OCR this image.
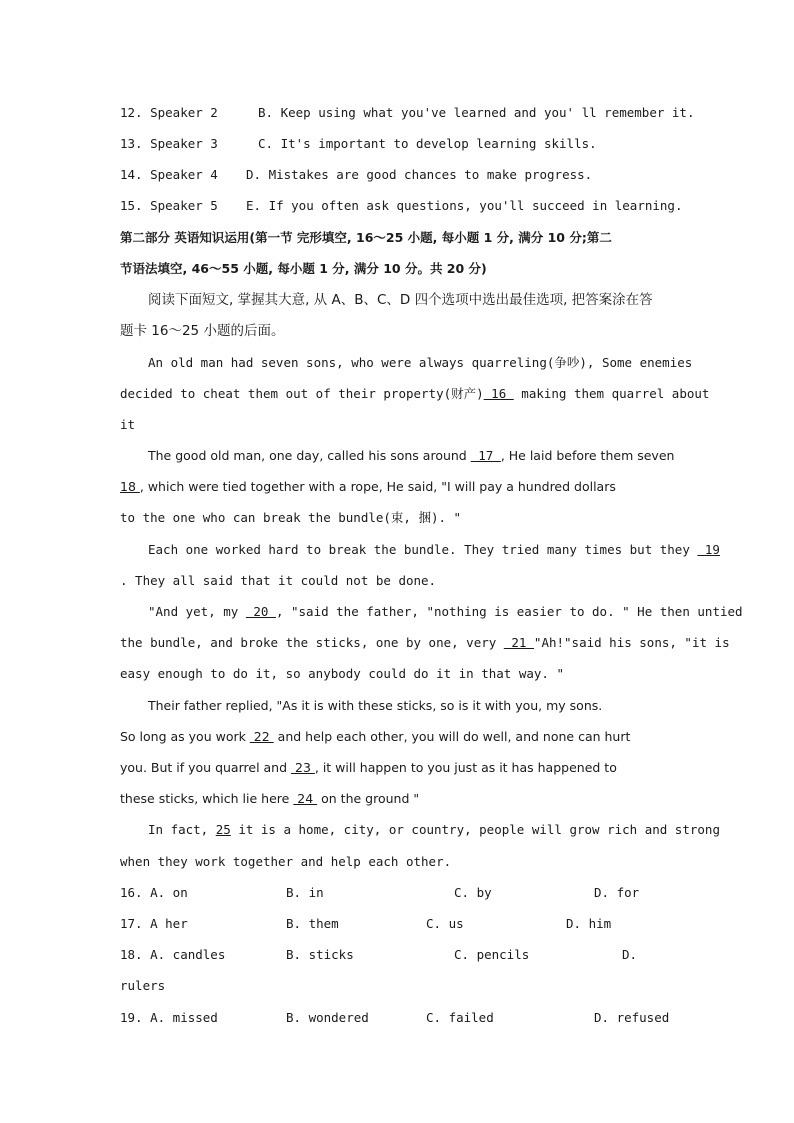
12. Speaker 2	B. Keep using what you've learned and you' ll remember it.
13. Speaker 3	C. It's important to develop learning skills.
14. Speaker 4 D. Mistakes are good chances to make progress.
15. Speaker 5 E. If you often ask questions, you'll succeed in learning.
第二部分 英语知识运用(第一节 完形填空, 16～25 小题, 每小题 1 分, 满分 10 分;第二
节语法填空, 46～55 小题, 每小题 1 分, 满分 10 分。共 20 分)
阅读下面短文, 掌握其大意, 从 A、B、C、D 四个选项中选出最佳选项, 把答案涂在答
题卡 16～25 小题的后面。
An old man had seven sons, who were always quarreling(争吵), Some enemies
decided to cheat them out of their property(财产) 16  making them quarrel about
it
The good old man, one day, called his sons around  17 , He laid before them seven
18 , which were tied together with a rope, He said, "I will pay a hundred dollars
to the one who can break the bundle(束, 捆). "
Each one worked hard to break the bundle. They tried many times but they  19
. They all said that it could not be done.
"And yet, my  20 , "said the father, "nothing is easier to do. " He then untied
the bundle, and broke the sticks, one by one, very  21 "Ah!"said his sons, "it is
easy enough to do it, so anybody could do it in that way. "
Their father replied, "As it is with these sticks, so is it with you, my sons.
So long as you work  22  and help each other, you will do well, and none can hurt
you. But if you quarrel and  23 , it will happen to you just as it has happened to
these sticks, which lie here  24  on the ground "
In fact, 25 it is a home, city, or country, people will grow rich and strong
when they work together and help each other.
16. A. on	B. in	C. by	D. for
17. A her	B. them	C. us	D. him
18. A. candles	B. sticks	C. pencils	D.
rulers
19. A. missed	B. wondered	C. failed	D. refused
